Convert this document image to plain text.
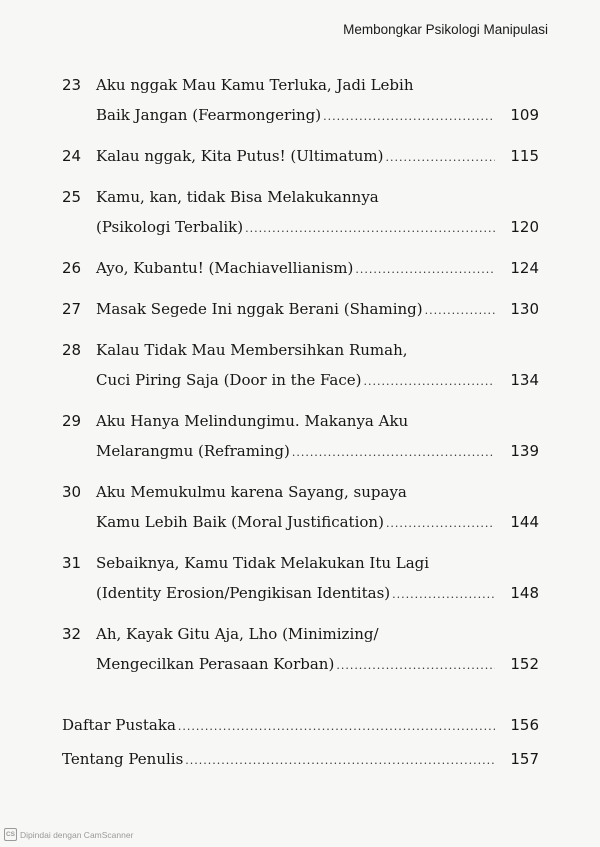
Membongkar Psikologi Manipulasi
23 Aku nggak Mau Kamu Terluka, Jadi Lebih
Baik Jangan (Fearmongering) .....	109
24 Kalau nggak, Kita Putus! (Ultimatum) .....	115
25 Kamu, kan, tidak Bisa Melakukannya
(Psikologi Terbalik) .....	120
26 Ayo, Kubantu! (Machiavellianism) .....	124
27 Masak Segede Ini nggak Berani (Shaming) .....	130
28 Kalau Tidak Mau Membersihkan Rumah,
Cuci Piring Saja (Door in the Face) .....	134
29 Aku Hanya Melindungimu. Makanya Aku
Melarangmu (Reframing) .....	139
30 Aku Memukulmu karena Sayang, supaya
Kamu Lebih Baik (Moral Justification) .....	144
31 Sebaiknya, Kamu Tidak Melakukan Itu Lagi
(Identity Erosion/Pengikisan Identitas) .....	148
32 Ah, Kayak Gitu Aja, Lho (Minimizing/
Mengecilkan Perasaan Korban) .....	152
Daftar Pustaka .....	156
Tentang Penulis .....	157
CS Dipindai dengan CamScanner
